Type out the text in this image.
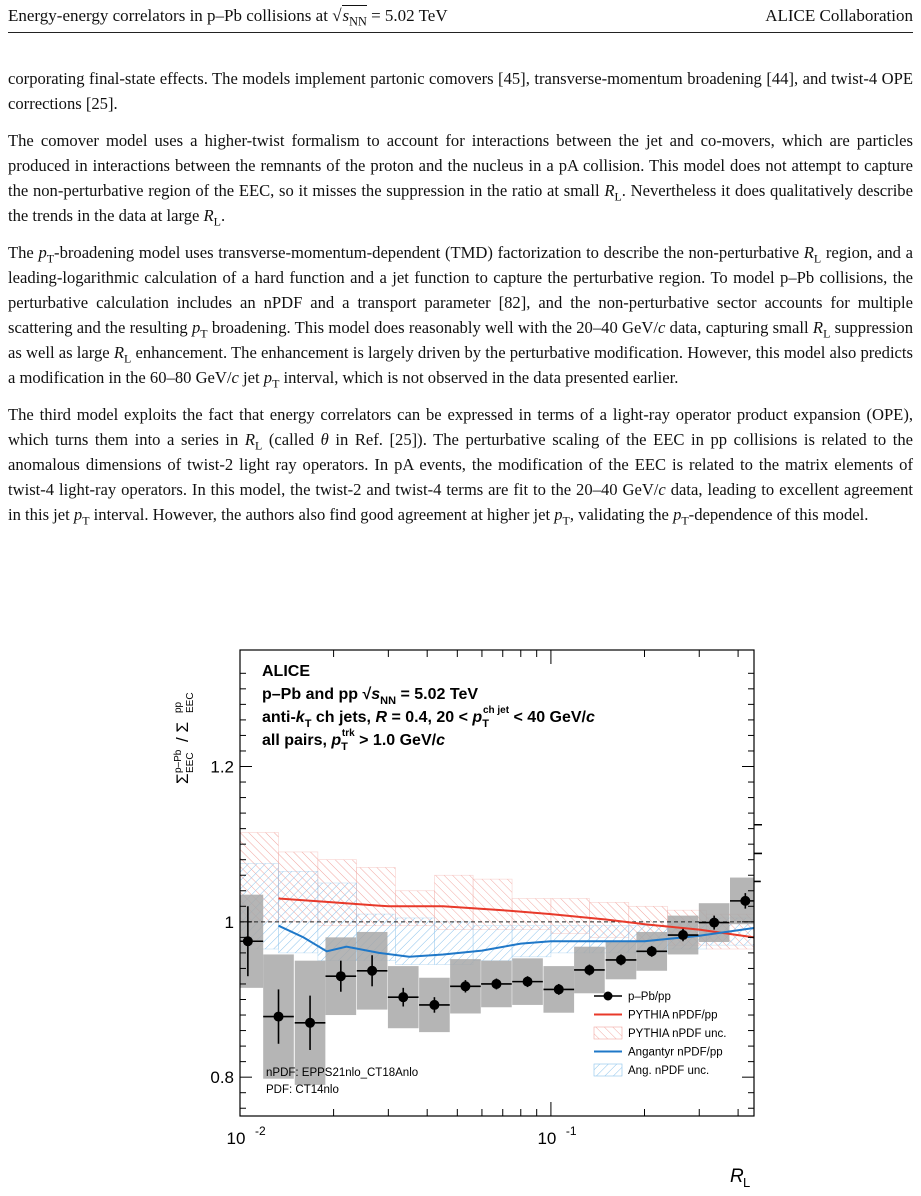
Energy-energy correlators in p–Pb collisions at $√s_{NN} = 5.02$ TeV	ALICE Collaboration

corporating final-state effects. The models implement partonic comovers [45], transverse-momentum broadening [44], and twist-4 OPE corrections [25].

The comover model uses a higher-twist formalism to account for interactions between the jet and co-movers, which are particles produced in interactions between the remnants of the proton and the nucleus in a pA collision. This model does not attempt to capture the non-perturbative region of the EEC, so it misses the suppression in the ratio at small $R_L$. Nevertheless it does qualitatively describe the trends in the data at large $R_L$.

The $p_T$-broadening model uses transverse-momentum-dependent (TMD) factorization to describe the non-perturbative $R_L$ region, and a leading-logarithmic calculation of a hard function and a jet function to capture the perturbative region. To model p–Pb collisions, the perturbative calculation includes an nPDF and a transport parameter [82], and the non-perturbative sector accounts for multiple scattering and the resulting $p_T$ broadening. This model does reasonably well with the 20–40 GeV/c data, capturing small $R_L$ suppression as well as large $R_L$ enhancement. The enhancement is largely driven by the perturbative modification. However, this model also predicts a modification in the 60–80 GeV/c jet $p_T$ interval, which is not observed in the data presented earlier.

The third model exploits the fact that energy correlators can be expressed in terms of a light-ray operator product expansion (OPE), which turns them into a series in $R_L$ (called θ in Ref. [25]). The perturbative scaling of the EEC in pp collisions is related to the anomalous dimensions of twist-2 light ray operators. In pA events, the modification of the EEC is related to the matrix elements of twist-4 light-ray operators. In this model, the twist-2 and twist-4 terms are fit to the 20–40 GeV/c data, leading to excellent agreement in this jet $p_T$ interval. However, the authors also find good agreement at higher jet $p_T$, validating the $p_T$-dependence of this model.

0.8
1
1.2
10 -2	10 -1
R L
Σ
p–Pb EEC
/ Σ
pp EEC
ALICE
p–Pb and pp $√s_{NN} = 5.02$ TeV
anti-$k_T$ ch jets, R = 0.4, $20 < p_Tch$ jet < 40 GeV/c
all pairs, $p_Ttrk > 1.0$ GeV/c
nPDF: EPPS21nlo_CT18Anlo
PDF: CT14nlo
p–Pb/pp
PYTHIA nPDF/pp
PYTHIA nPDF unc.
Angantyr nPDF/pp
Ang. nPDF unc.
